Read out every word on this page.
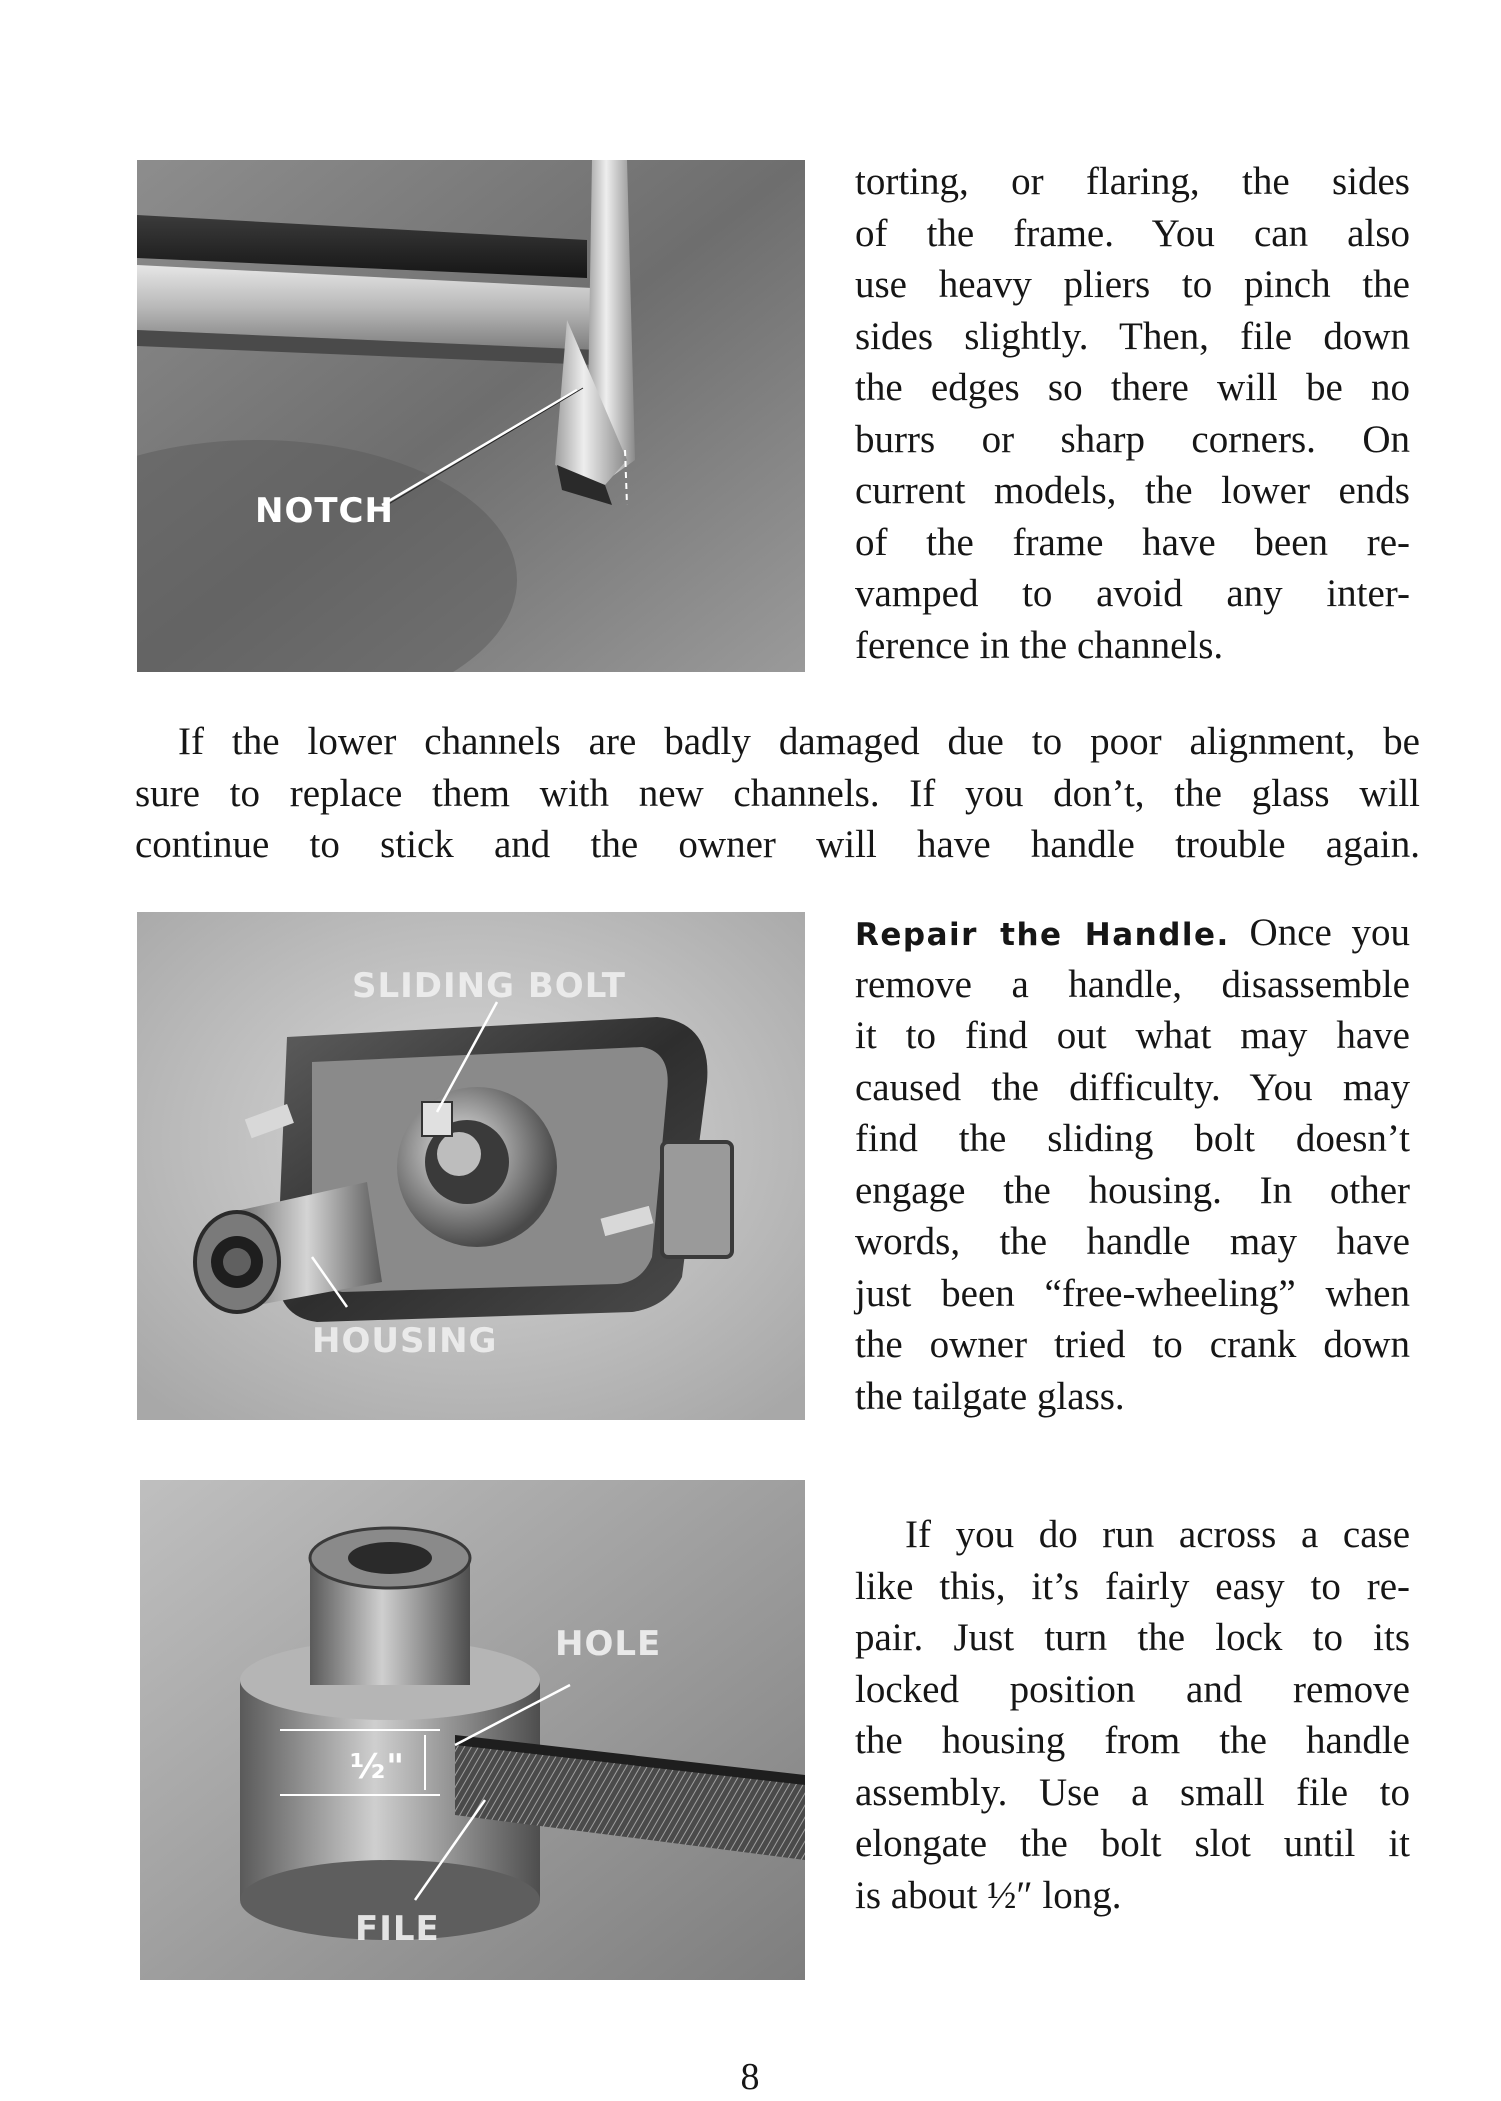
NOTCH
torting, or flaring, the sides
of the frame. You can also
use heavy pliers to pinch the
sides slightly. Then, file down
the edges so there will be no
burrs or sharp corners. On
current models, the lower ends
of the frame have been re-
vamped to avoid any inter-
ference in the channels.
If the lower channels are badly damaged due to poor alignment, be
sure to replace them with new channels. If you don’t, the glass will
continue to stick and the owner will have handle trouble again.
SLIDING BOLT
HOUSING
Repair the Handle. Once you
remove a handle, disassemble
it to find out what may have
caused the difficulty. You may
find the sliding bolt doesn’t
engage the housing. In other
words, the handle may have
just been “free-wheeling” when
the owner tried to crank down
the tailgate glass.
½"
HOLE
FILE
If you do run across a case
like this, it’s fairly easy to re-
pair. Just turn the lock to its
locked position and remove
the housing from the handle
assembly. Use a small file to
elongate the bolt slot until it
is about ½″ long.
8
